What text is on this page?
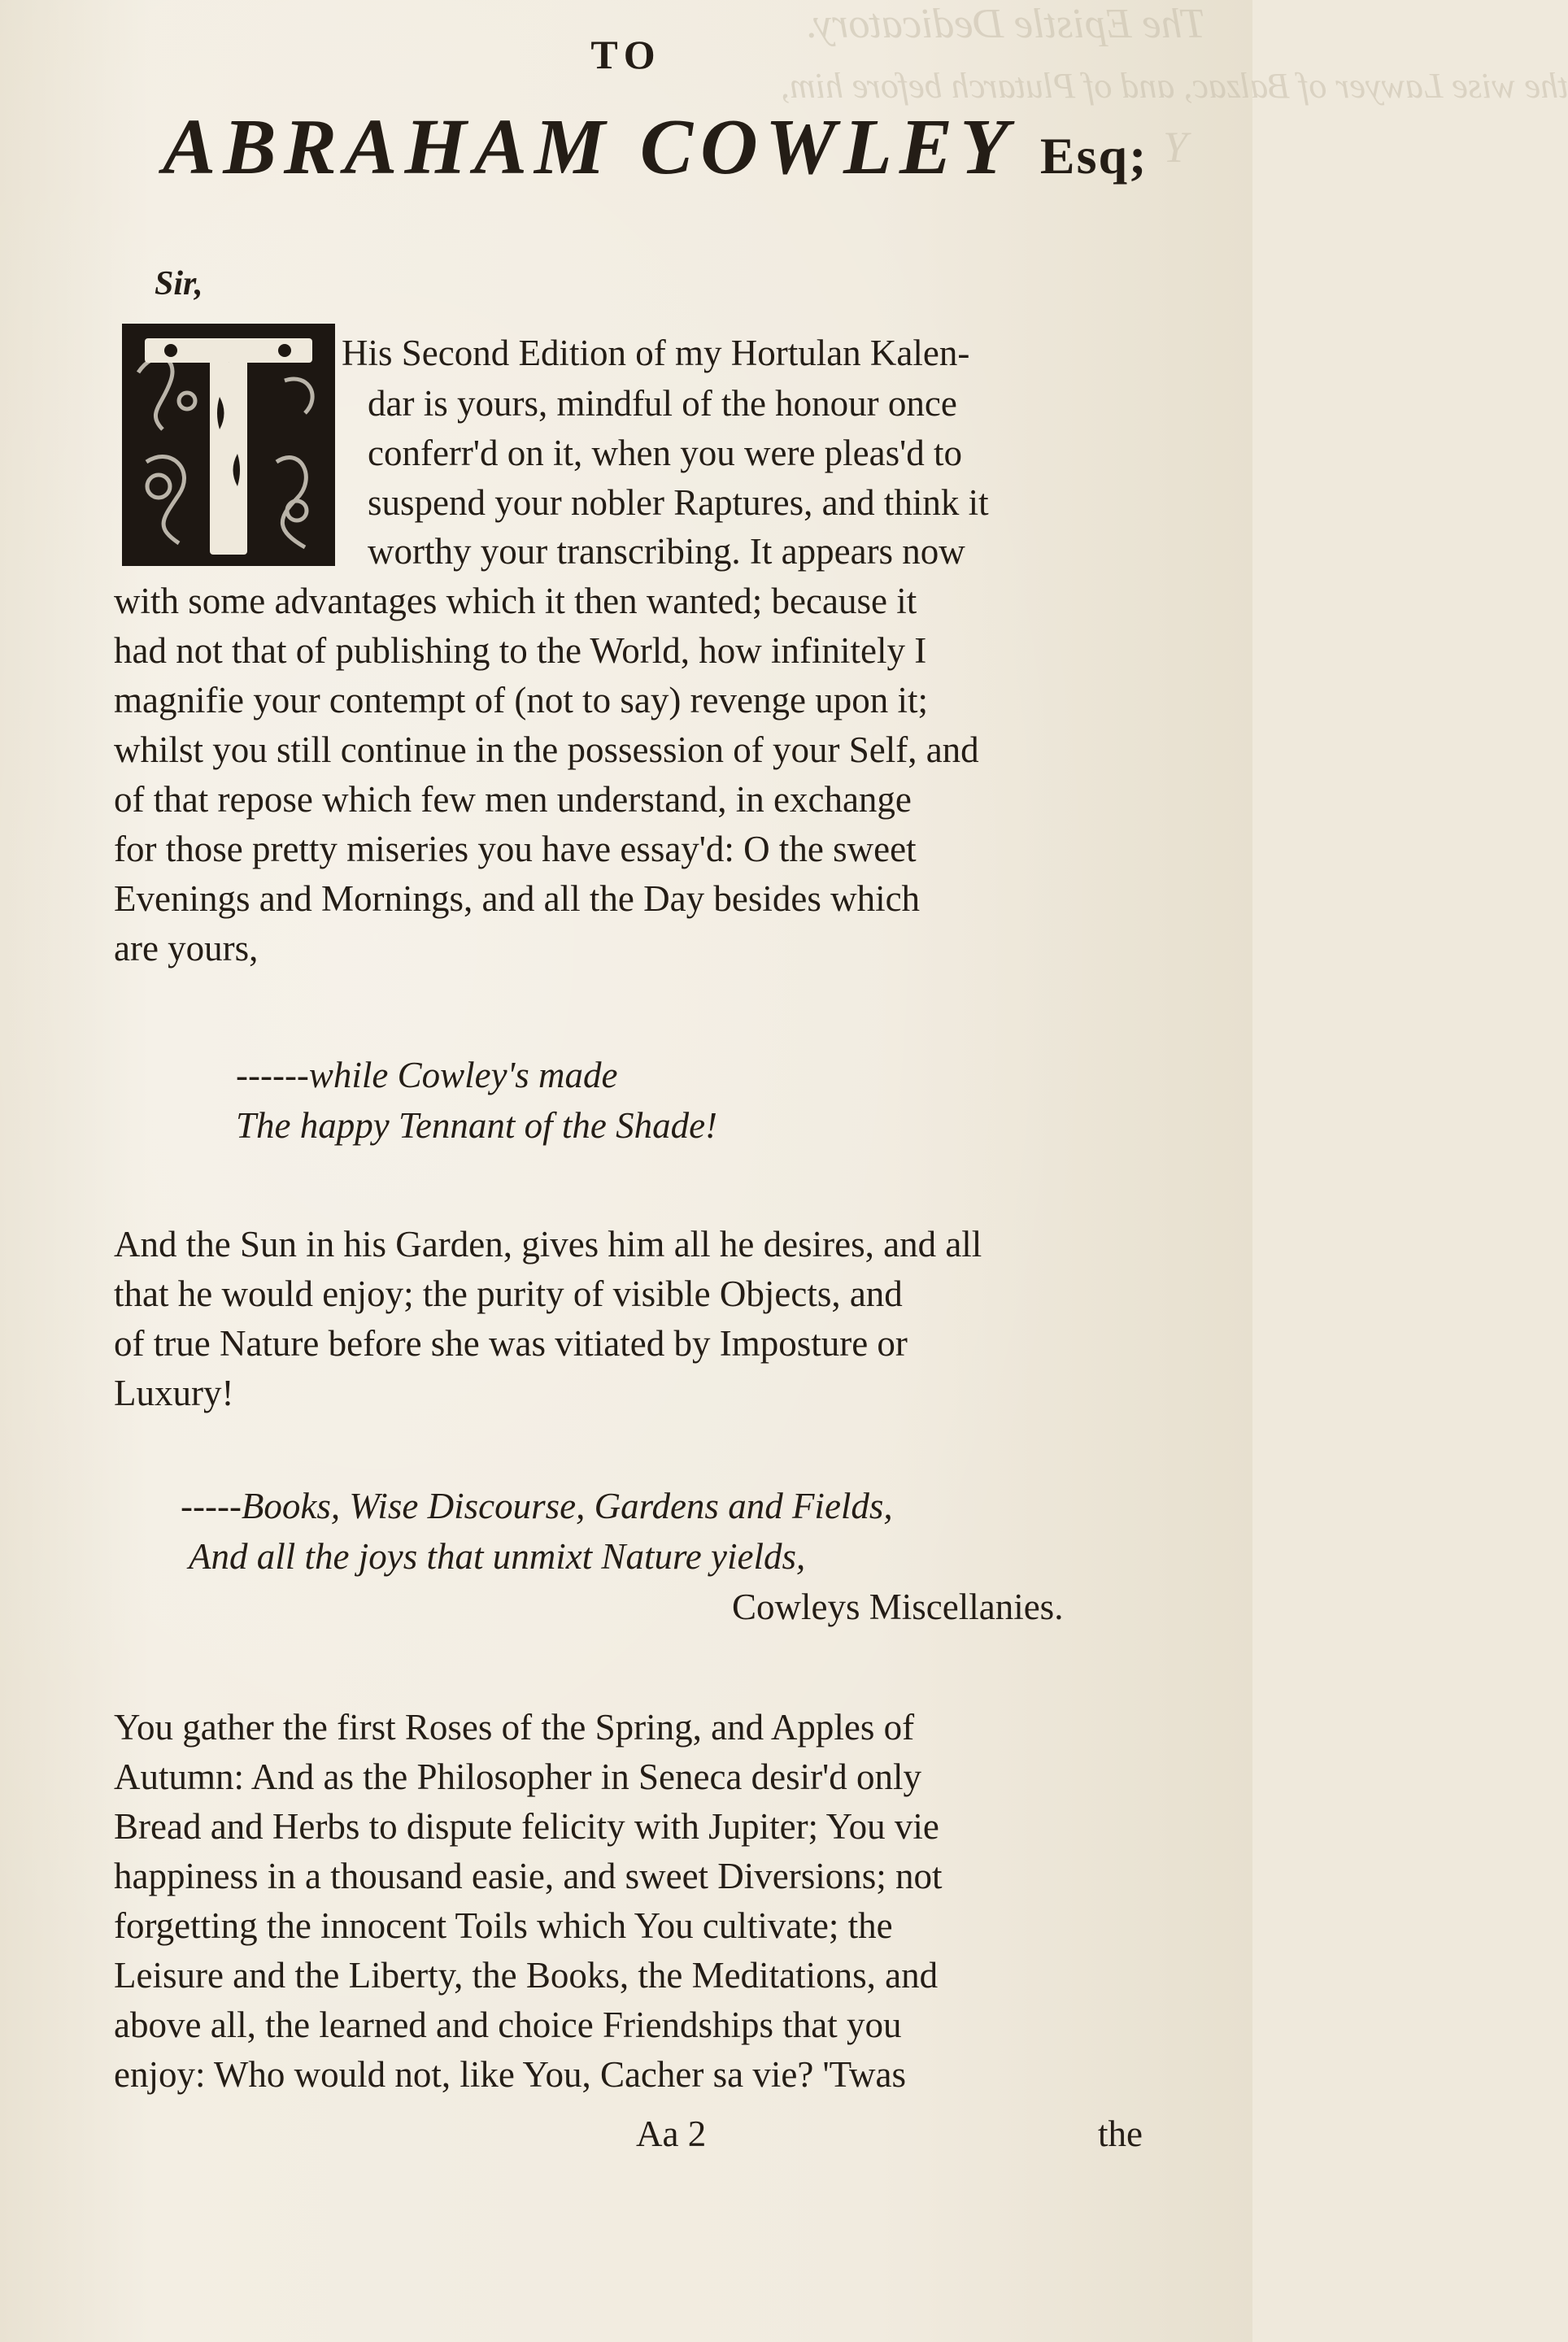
The Epistle Dedicatory.
the wise Lawyer of Balzac, and of Plutarch before him,
Y
TO
ABRAHAM COWLEY Esq;
Sir,
T	His Second Edition of my Hortulan Kalen-
dar is yours, mindful of the honour once
conferr'd on it, when you were pleas'd to
suspend your nobler Raptures, and think it
worthy your transcribing. It appears now
with some advantages which it then wanted; because it
had not that of publishing to the World, how infinitely I
magnifie your contempt of (not to say) revenge upon it;
whilst you still continue in the possession of your Self, and
of that repose which few men understand, in exchange
for those pretty miseries you have essay'd: O the sweet
Evenings and Mornings, and all the Day besides which
are yours,
------while Cowley's made
The happy Tennant of the Shade!
And the Sun in his Garden, gives him all he desires, and all
that he would enjoy; the purity of visible Objects, and
of true Nature before she was vitiated by Imposture or
Luxury!
-----Books, Wise Discourse, Gardens and Fields,
And all the joys that unmixt Nature yields,
Cowleys Miscellanies.
You gather the first Roses of the Spring, and Apples of
Autumn: And as the Philosopher in Seneca desir'd only
Bread and Herbs to dispute felicity with Jupiter; You vie
happiness in a thousand easie, and sweet Diversions; not
forgetting the innocent Toils which You cultivate; the
Leisure and the Liberty, the Books, the Meditations, and
above all, the learned and choice Friendships that you
enjoy: Who would not, like You, Cacher sa vie? 'Twas
Aa 2	the
